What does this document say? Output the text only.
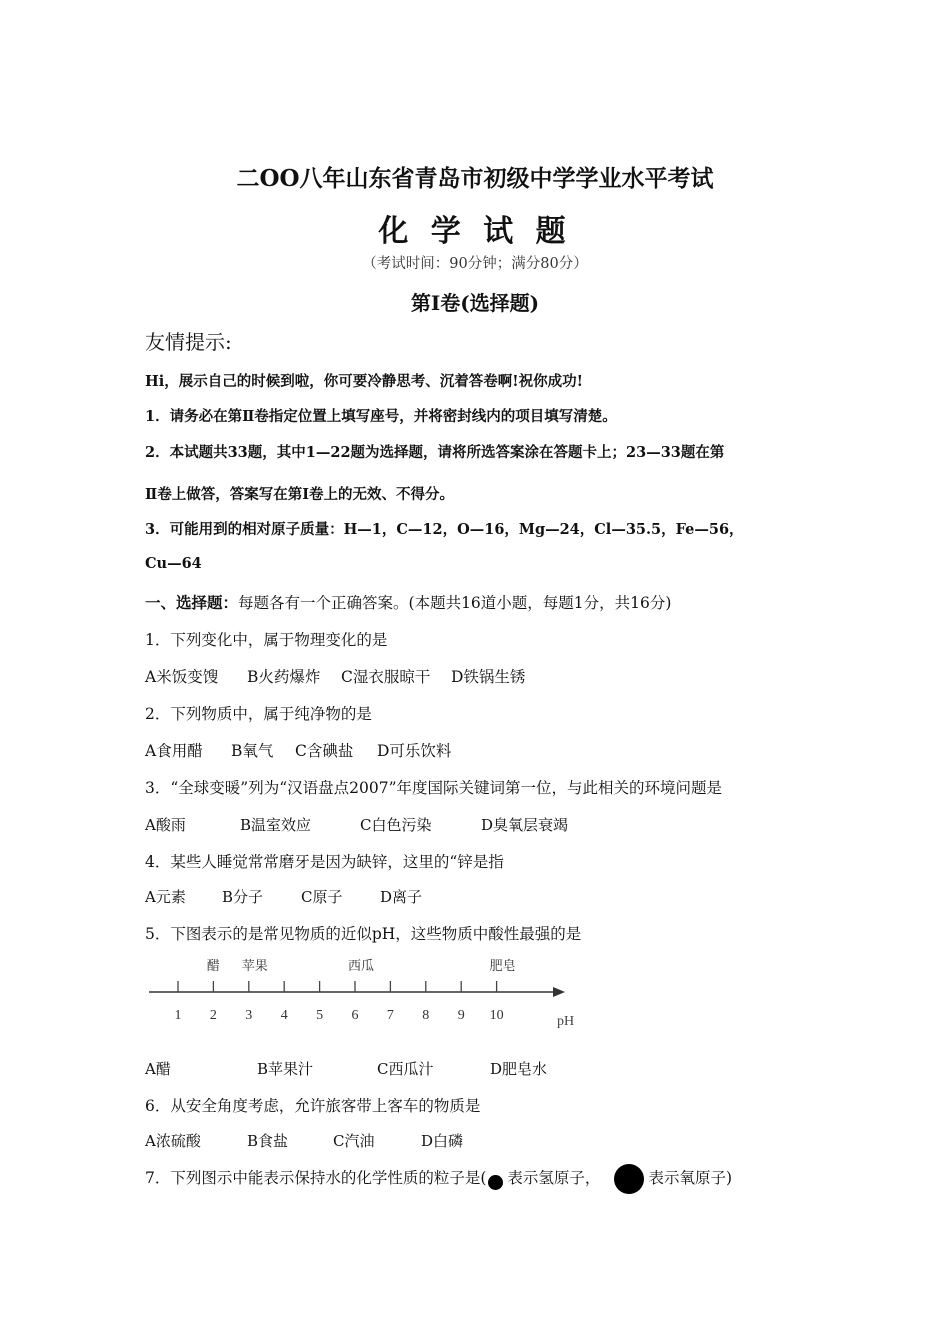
二OO八年山东省青岛市初级中学学业水平考试
化 学 试 题
（考试时间：90分钟；满分80分）
第Ⅰ卷(选择题)
友情提示:
Hi，展示自己的时候到啦，你可要冷静思考、沉着答卷啊!祝你成功!
1．请务必在第Ⅱ卷指定位置上填写座号，并将密封线内的项目填写清楚。
2．本试题共33题，其中1—22题为选择题，请将所选答案涂在答题卡上；23—33题在第
Ⅱ卷上做答，答案写在第Ⅰ卷上的无效、不得分。
3．可能用到的相对原子质量：H—1，C—12，O—16，Mg—24，Cl—35.5，Fe—56，
Cu—64
一、选择题：每题各有一个正确答案。(本题共16道小题，每题1分，共16分)
1．下列变化中，属于物理变化的是
A米饭变馊 B火药爆炸 C湿衣服晾干 D铁锅生锈
2．下列物质中，属于纯净物的是
A食用醋 B氧气 C含碘盐 D可乐饮料
3．“全球变暖”列为“汉语盘点2007”年度国际关键词第一位，与此相关的环境问题是
A酸雨	B温室效应	C白色污染	D臭氧层衰竭
4．某些人睡觉常常磨牙是因为缺锌，这里的“锌是指
A元素 B分子	C原子	D离子
5．下图表示的是常见物质的近似pH，这些物质中酸性最强的是
醋 苹果	西瓜	肥皂
1 2 3 4 5 6 7 8 9 10	pH
A醋	B苹果汁	C西瓜汁	D肥皂水
6．从安全角度考虑，允许旅客带上客车的物质是
A浓硫酸	B食盐	C汽油	D白磷
7．下列图示中能表示保持水的化学性质的粒子是( 表示氢原子，	表示氧原子)
